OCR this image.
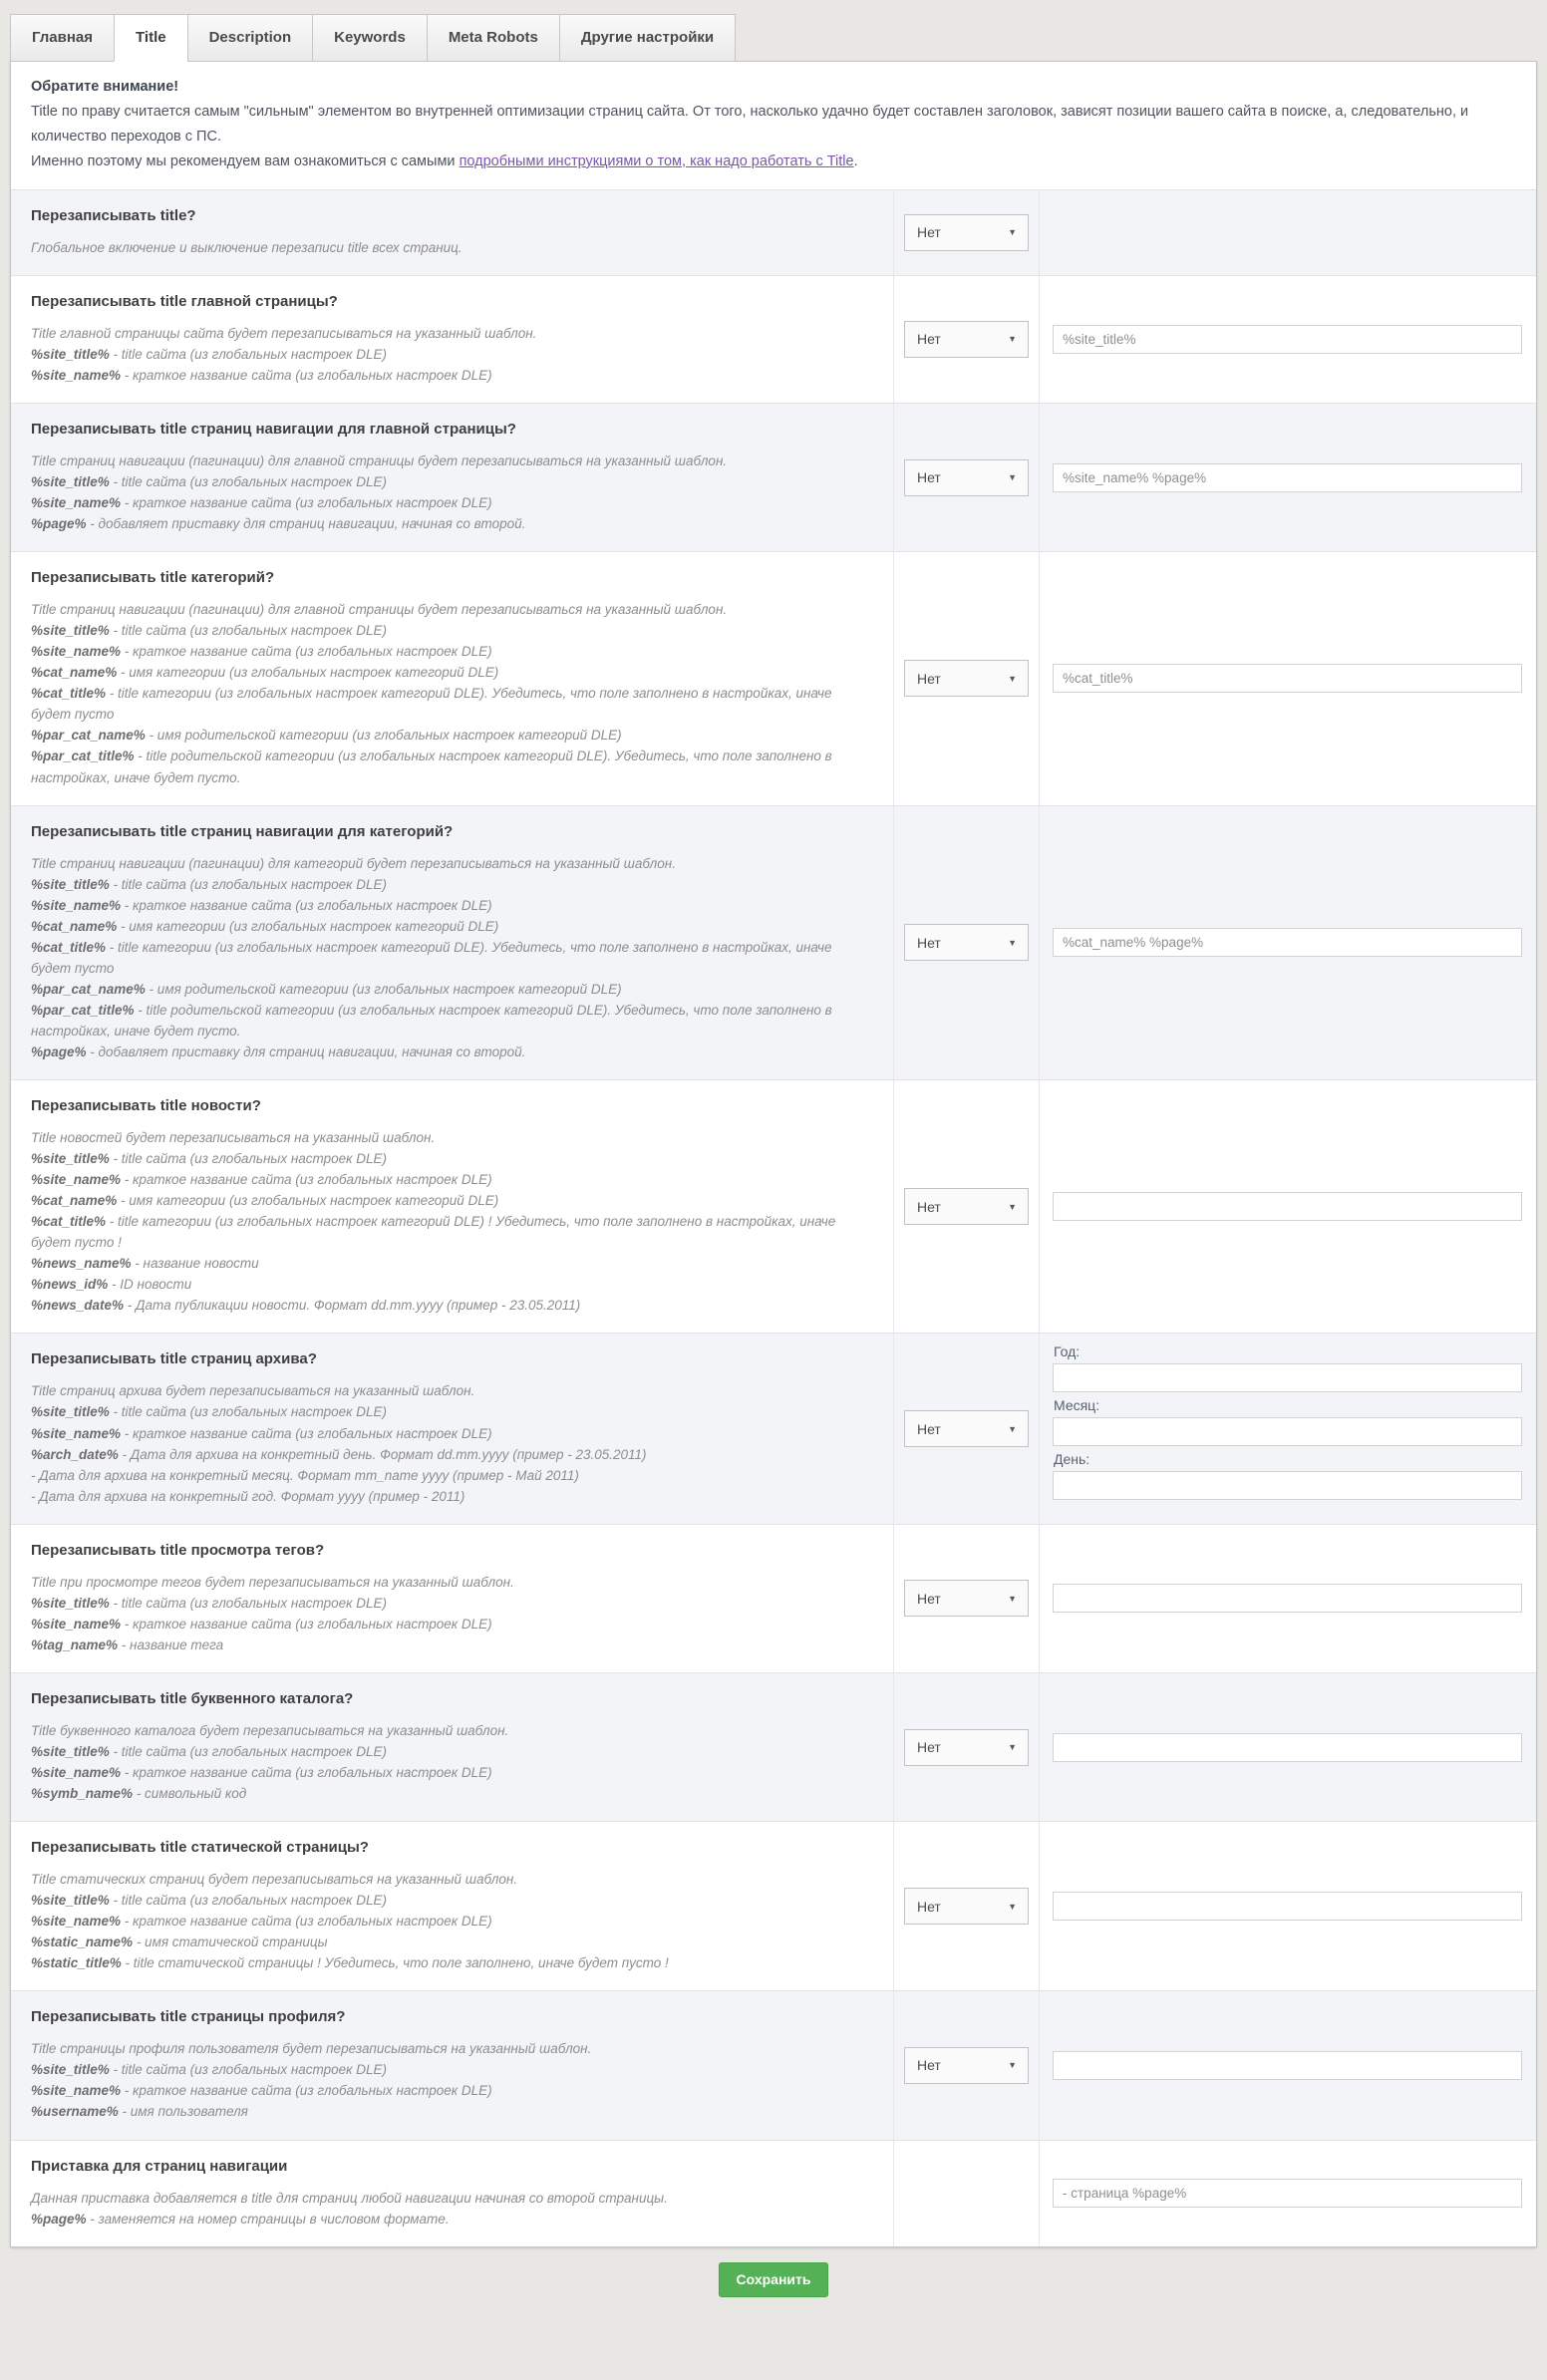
Главная	Title	Description	Keywords	Meta Robots	Другие настройки
Обратите внимание!
Title по праву считается самым "сильным" элементом во внутренней оптимизации страниц сайта. От того, насколько удачно будет составлен заголовок, зависят позиции вашего сайта в поиске, а, следовательно, и количество переходов с ПС.
Именно поэтому мы рекомендуем вам ознакомиться с самыми подробными инструкциями о том, как надо работать с Title.
Перезаписывать title?
Глобальное включение и выключение перезаписи title всех страниц.
Нет	▼
Перезаписывать title главной страницы?
Title главной страницы сайта будет перезаписываться на указанный шаблон.
%site_title% - title сайта (из глобальных настроек DLE)
%site_name% - краткое название сайта (из глобальных настроек DLE)
Нет	▼
%site_title%
Перезаписывать title страниц навигации для главной страницы?
Title страниц навигации (пагинации) для главной страницы будет перезаписываться на указанный шаблон.
%site_title% - title сайта (из глобальных настроек DLE)
%site_name% - краткое название сайта (из глобальных настроек DLE)
%page% - добавляет приставку для страниц навигации, начиная со второй.
Нет	▼
%site_name% %page%
Перезаписывать title категорий?
Title страниц навигации (пагинации) для главной страницы будет перезаписываться на указанный шаблон.
%site_title% - title сайта (из глобальных настроек DLE)
%site_name% - краткое название сайта (из глобальных настроек DLE)
%cat_name% - имя категории (из глобальных настроек категорий DLE)
%cat_title% - title категории (из глобальных настроек категорий DLE). Убедитесь, что поле заполнено в настройках, иначе будет пусто
%par_cat_name% - имя родительской категории (из глобальных настроек категорий DLE)
%par_cat_title% - title родительской категории (из глобальных настроек категорий DLE). Убедитесь, что поле заполнено в настройках, иначе будет пусто.
Нет	▼
%cat_title%
Перезаписывать title страниц навигации для категорий?
Title страниц навигации (пагинации) для категорий будет перезаписываться на указанный шаблон.
%site_title% - title сайта (из глобальных настроек DLE)
%site_name% - краткое название сайта (из глобальных настроек DLE)
%cat_name% - имя категории (из глобальных настроек категорий DLE)
%cat_title% - title категории (из глобальных настроек категорий DLE). Убедитесь, что поле заполнено в настройках, иначе будет пусто
%par_cat_name% - имя родительской категории (из глобальных настроек категорий DLE)
%par_cat_title% - title родительской категории (из глобальных настроек категорий DLE). Убедитесь, что поле заполнено в настройках, иначе будет пусто.
%page% - добавляет приставку для страниц навигации, начиная со второй.
Нет	▼
%cat_name% %page%
Перезаписывать title новости?
Title новостей будет перезаписываться на указанный шаблон.
%site_title% - title сайта (из глобальных настроек DLE)
%site_name% - краткое название сайта (из глобальных настроек DLE)
%cat_name% - имя категории (из глобальных настроек категорий DLE)
%cat_title% - title категории (из глобальных настроек категорий DLE) ! Убедитесь, что поле заполнено в настройках, иначе будет пусто !
%news_name% - название новости
%news_id% - ID новости
%news_date% - Дата публикации новости. Формат dd.mm.yyyy (пример - 23.05.2011)
Нет	▼
Перезаписывать title страниц архива?
Title страниц архива будет перезаписываться на указанный шаблон.
%site_title% - title сайта (из глобальных настроек DLE)
%site_name% - краткое название сайта (из глобальных настроек DLE)
%arch_date% - Дата для архива на конкретный день. Формат dd.mm.yyyy (пример - 23.05.2011)
- Дата для архива на конкретный месяц. Формат mm_name yyyy (пример - Май 2011)
- Дата для архива на конкретный год. Формат yyyy (пример - 2011)
Нет	▼
Год:
Месяц:
День:
Перезаписывать title просмотра тегов?
Title при просмотре тегов будет перезаписываться на указанный шаблон.
%site_title% - title сайта (из глобальных настроек DLE)
%site_name% - краткое название сайта (из глобальных настроек DLE)
%tag_name% - название тега
Нет	▼
Перезаписывать title буквенного каталога?
Title буквенного каталога будет перезаписываться на указанный шаблон.
%site_title% - title сайта (из глобальных настроек DLE)
%site_name% - краткое название сайта (из глобальных настроек DLE)
%symb_name% - символьный код
Нет	▼
Перезаписывать title статической страницы?
Title статических страниц будет перезаписываться на указанный шаблон.
%site_title% - title сайта (из глобальных настроек DLE)
%site_name% - краткое название сайта (из глобальных настроек DLE)
%static_name% - имя статической страницы
%static_title% - title статической страницы ! Убедитесь, что поле заполнено, иначе будет пусто !
Нет	▼
Перезаписывать title страницы профиля?
Title страницы профиля пользователя будет перезаписываться на указанный шаблон.
%site_title% - title сайта (из глобальных настроек DLE)
%site_name% - краткое название сайта (из глобальных настроек DLE)
%username% - имя пользователя
Нет	▼
Приставка для страниц навигации
Данная приставка добавляется в title для страниц любой навигации начиная со второй страницы.
%page% - заменяется на номер страницы в числовом формате.
- страница %page%
Сохранить
